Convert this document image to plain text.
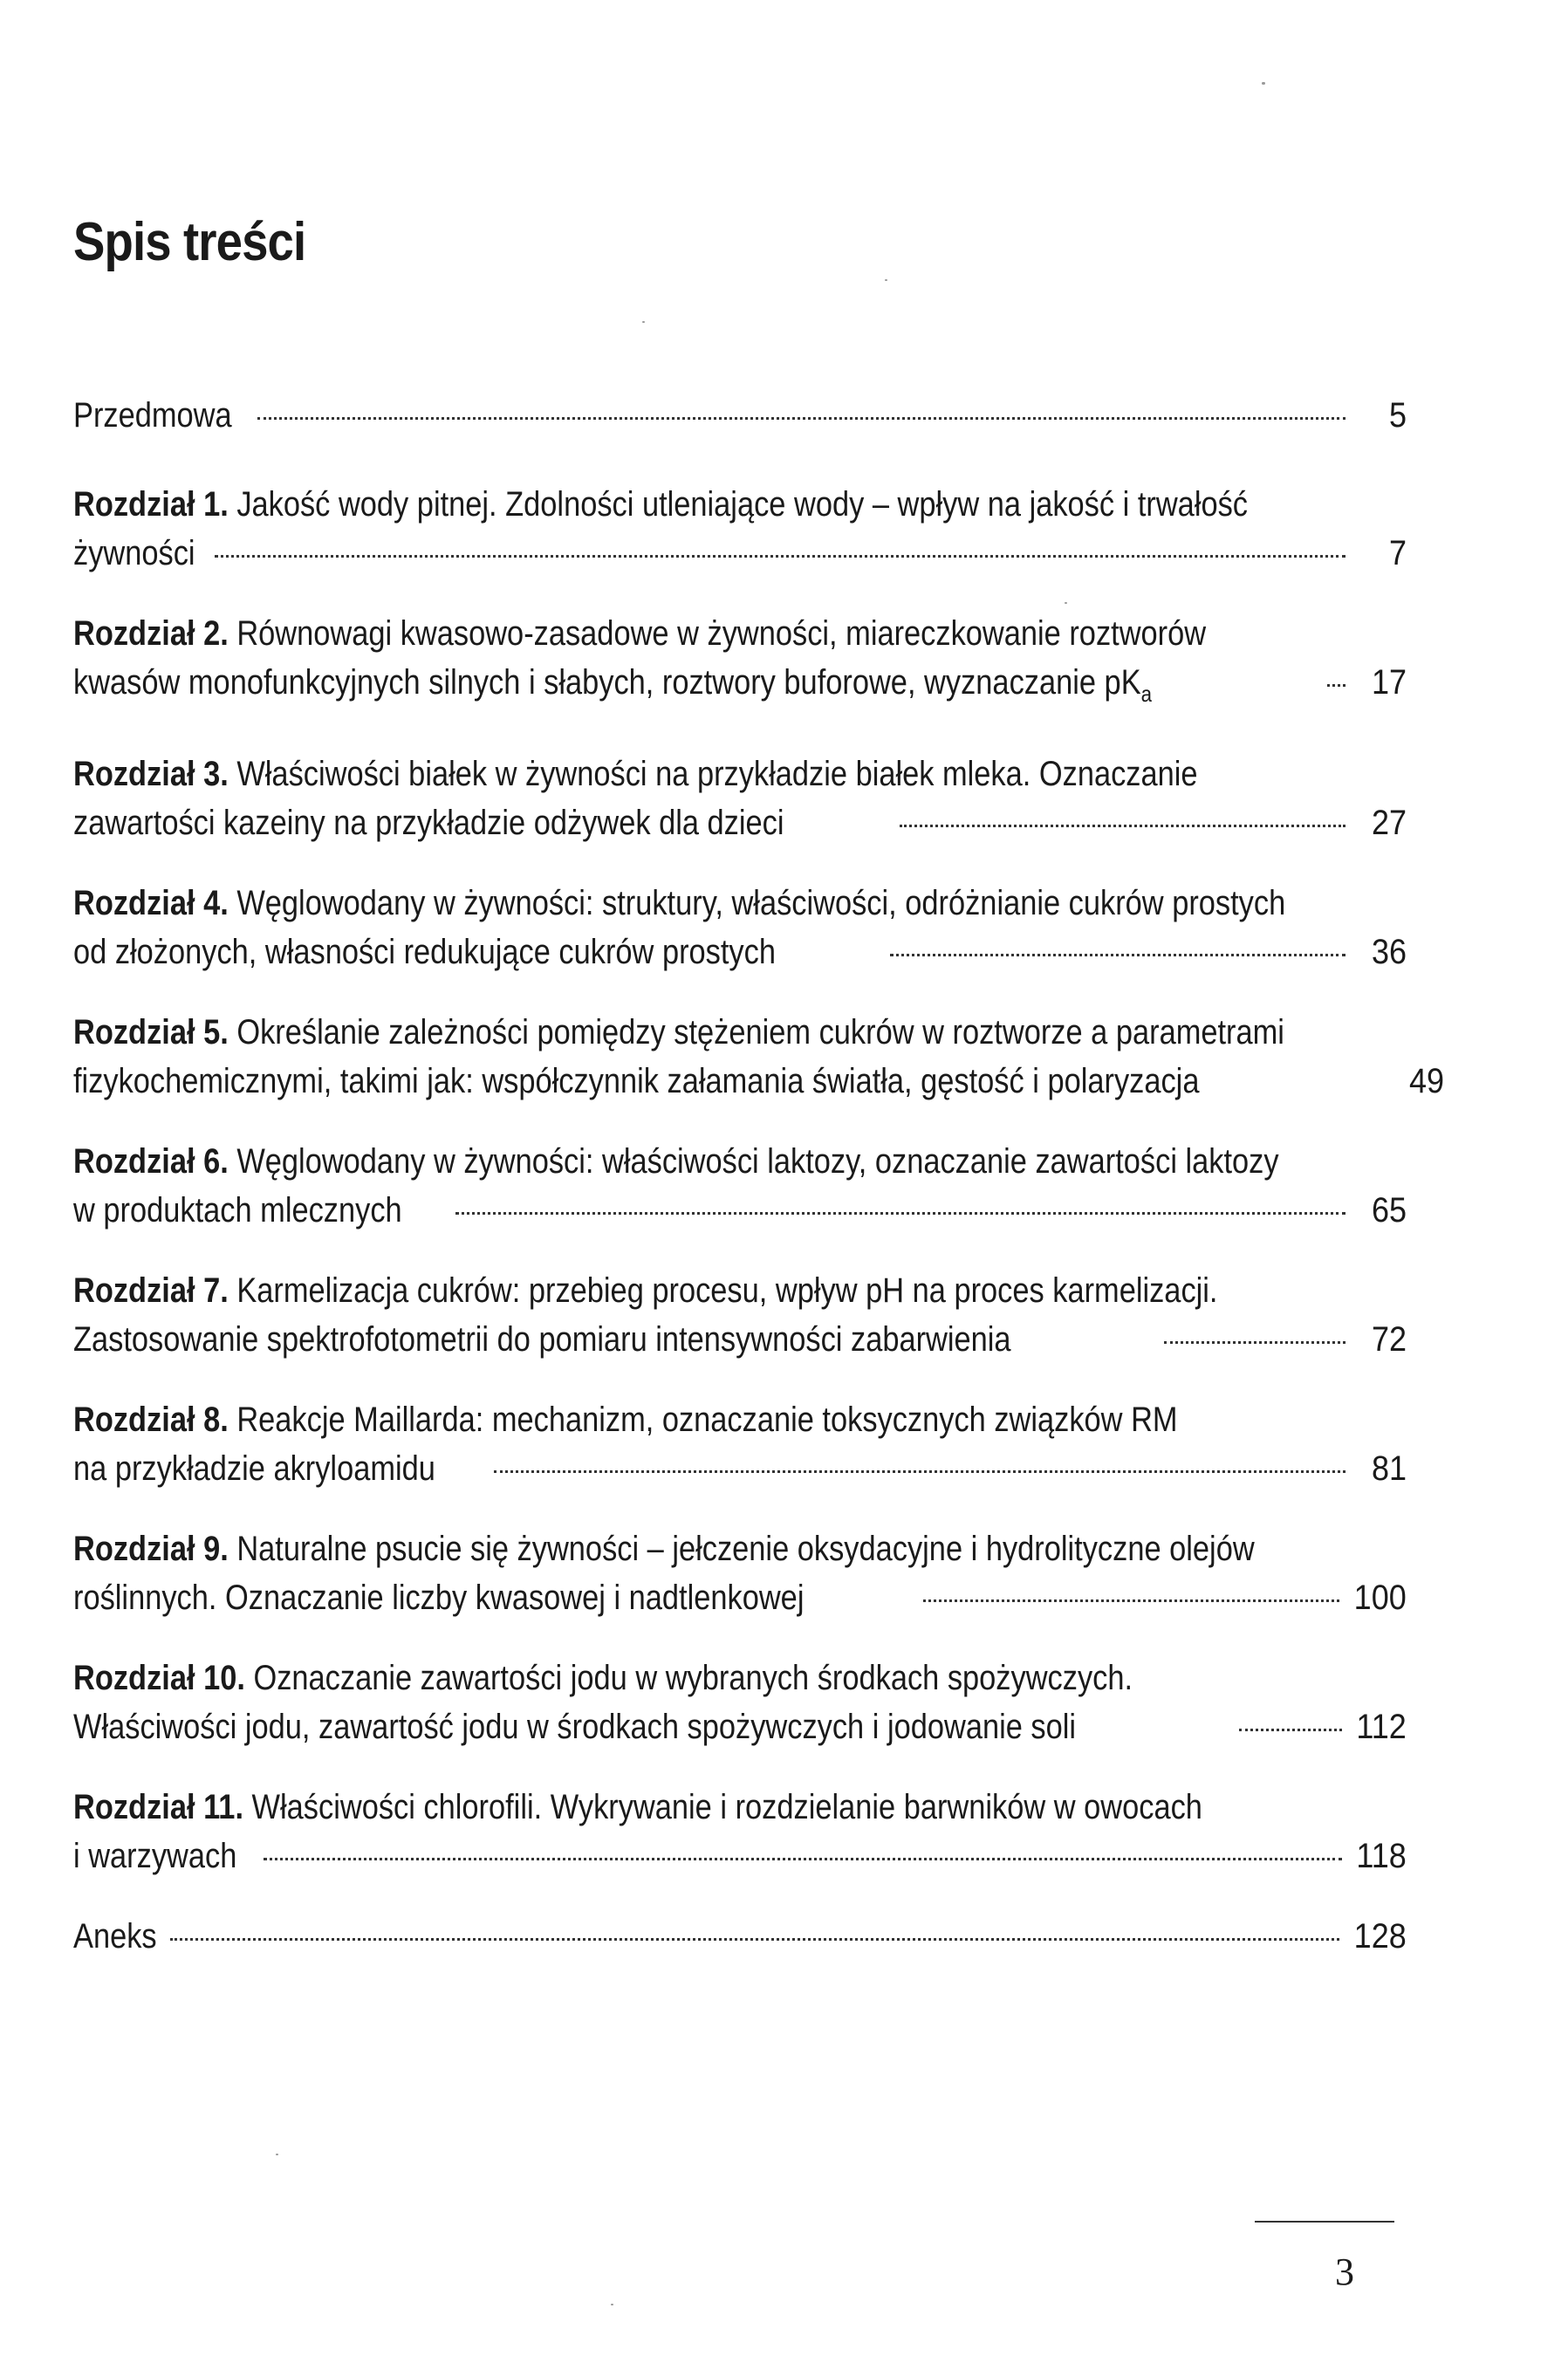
Spis treści
Przedmowa	5
Rozdział 1. Jakość wody pitnej. Zdolności utleniające wody – wpływ na jakość i trwałość
żywności	7
Rozdział 2. Równowagi kwasowo-zasadowe w żywności, miareczkowanie roztworów
kwasów monofunkcyjnych silnych i słabych, roztwory buforowe, wyznaczanie $pK_a$	17
Rozdział 3. Właściwości białek w żywności na przykładzie białek mleka. Oznaczanie
zawartości kazeiny na przykładzie odżywek dla dzieci	27
Rozdział 4. Węglowodany w żywności: struktury, właściwości, odróżnianie cukrów prostych
od złożonych, własności redukujące cukrów prostych	36
Rozdział 5. Określanie zależności pomiędzy stężeniem cukrów w roztworze a parametrami
fizykochemicznymi, takimi jak: współczynnik załamania światła, gęstość i polaryzacja	49
Rozdział 6. Węglowodany w żywności: właściwości laktozy, oznaczanie zawartości laktozy
w produktach mlecznych	65
Rozdział 7. Karmelizacja cukrów: przebieg procesu, wpływ pH na proces karmelizacji.
Zastosowanie spektrofotometrii do pomiaru intensywności zabarwienia	72
Rozdział 8. Reakcje Maillarda: mechanizm, oznaczanie toksycznych związków RM
na przykładzie akryloamidu	81
Rozdział 9. Naturalne psucie się żywności – jełczenie oksydacyjne i hydrolityczne olejów
roślinnych. Oznaczanie liczby kwasowej i nadtlenkowej	100
Rozdział 10. Oznaczanie zawartości jodu w wybranych środkach spożywczych.
Właściwości jodu, zawartość jodu w środkach spożywczych i jodowanie soli	112
Rozdział 11. Właściwości chlorofili. Wykrywanie i rozdzielanie barwników w owocach
i warzywach	118
Aneks	128
3
